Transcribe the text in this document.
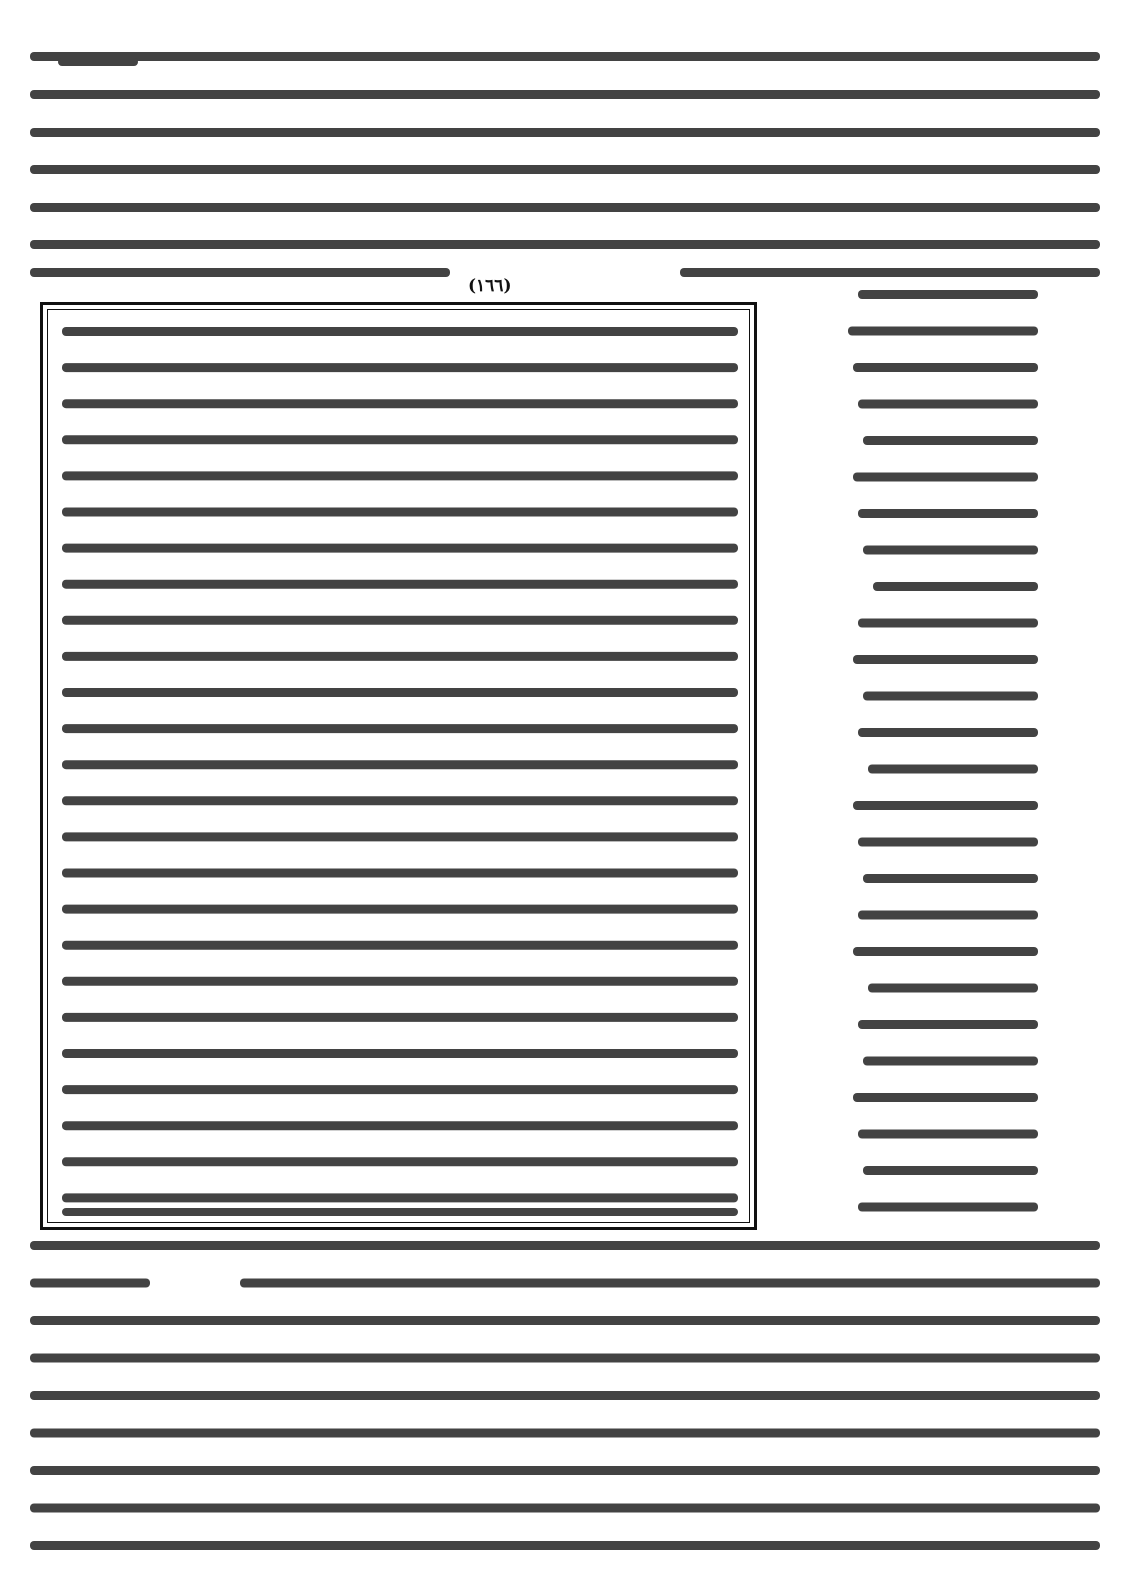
(١٦٦)
